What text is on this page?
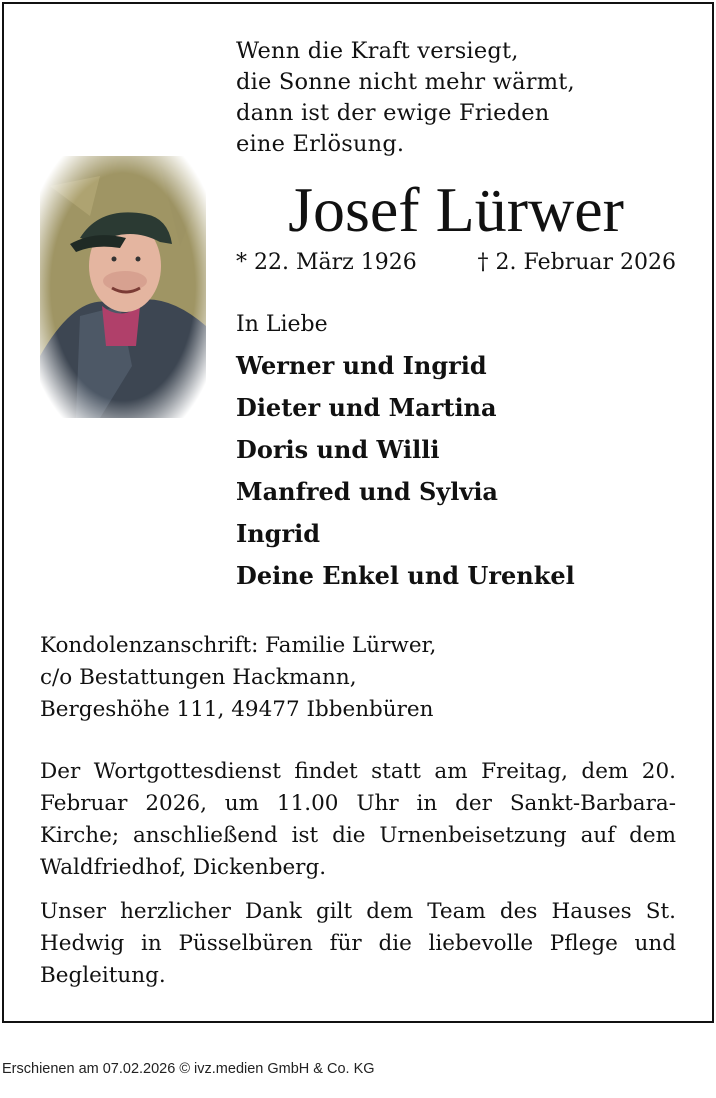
Wenn die Kraft versiegt,
die Sonne nicht mehr wärmt,
dann ist der ewige Frieden
eine Erlösung.
Josef Lürwer
* 22. März 1926	† 2. Februar 2026
In Liebe
Werner und Ingrid
Dieter und Martina
Doris und Willi
Manfred und Sylvia
Ingrid
Deine Enkel und Urenkel
Kondolenzanschrift: Familie Lürwer,
c/o Bestattungen Hackmann,
Bergeshöhe 111, 49477 Ibbenbüren
Der Wortgottesdienst findet statt am Freitag, dem 20. Februar 2026, um 11.00 Uhr in der Sankt-Barbara-Kirche; anschließend ist die Urnenbeisetzung auf dem Waldfriedhof, Dickenberg.
Unser herzlicher Dank gilt dem Team des Hauses St. Hedwig in Püsselbüren für die liebevolle Pflege und Begleitung.
Erschienen am 07.02.2026 © ivz.medien GmbH & Co. KG
